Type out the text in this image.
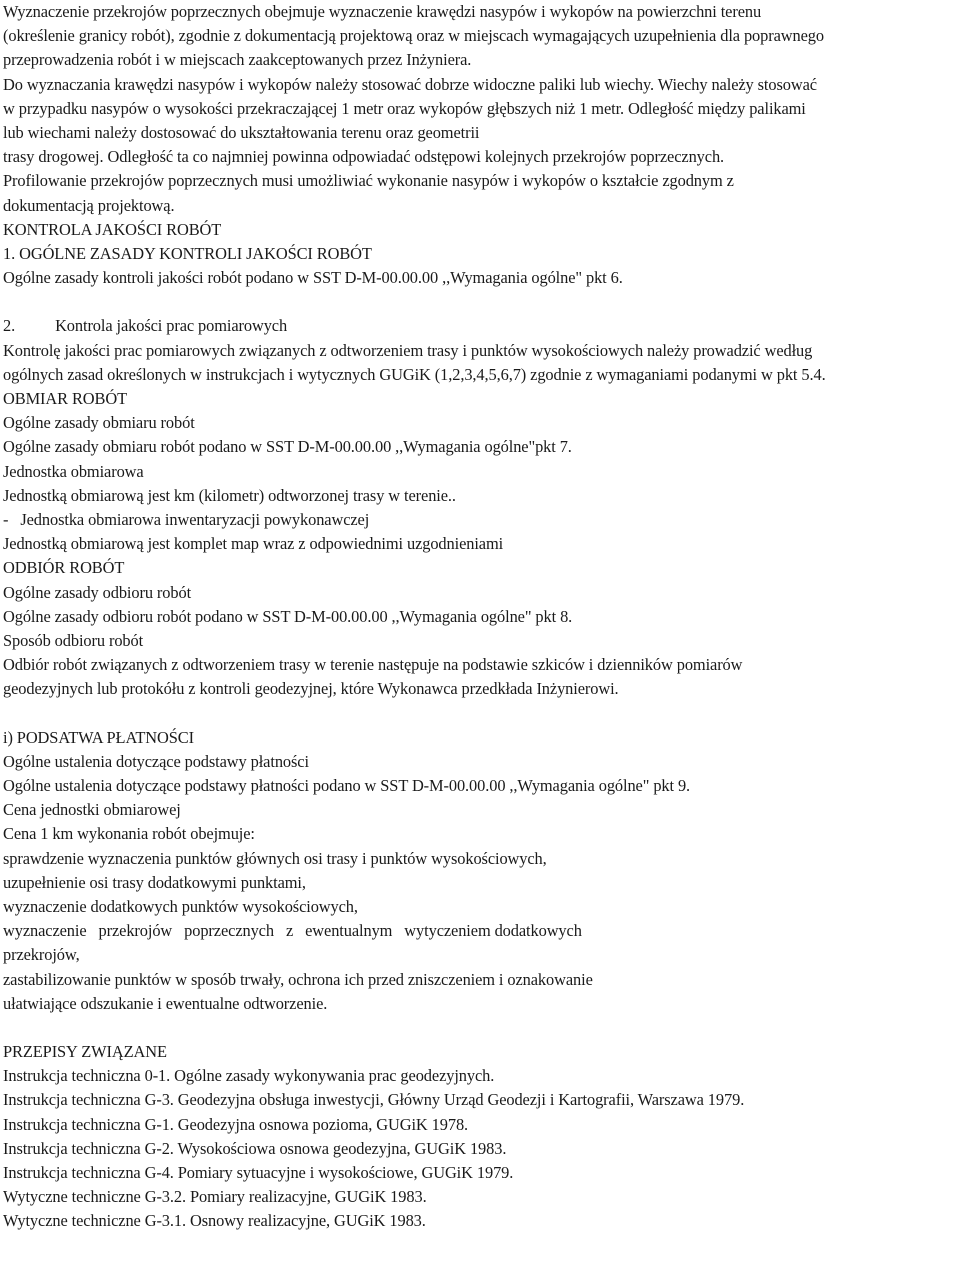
Wyznaczenie przekrojów poprzecznych obejmuje wyznaczenie krawędzi nasypów i wykopów na powierzchni terenu
(określenie granicy robót), zgodnie z dokumentacją projektową oraz w miejscach wymagających uzupełnienia dla poprawnego
przeprowadzenia robót i w miejscach zaakceptowanych przez Inżyniera.
Do wyznaczania krawędzi nasypów i wykopów należy stosować dobrze widoczne paliki lub wiechy. Wiechy należy stosować
w przypadku nasypów o wysokości przekraczającej 1 metr oraz wykopów głębszych niż 1 metr. Odległość między palikami
lub wiechami należy dostosować do ukształtowania terenu oraz geometrii
trasy drogowej. Odległość ta co najmniej powinna odpowiadać odstępowi kolejnych przekrojów poprzecznych.
Profilowanie przekrojów poprzecznych musi umożliwiać wykonanie nasypów i wykopów o kształcie zgodnym z
dokumentacją projektową.
KONTROLA JAKOŚCI ROBÓT
1. OGÓLNE ZASADY KONTROLI JAKOŚCI ROBÓT
Ogólne zasady kontroli jakości robót podano w SST D-M-00.00.00 ,,Wymagania ogólne" pkt 6.
2.          Kontrola jakości prac pomiarowych
Kontrolę jakości prac pomiarowych związanych z odtworzeniem trasy i punktów wysokościowych należy prowadzić według
ogólnych zasad określonych w instrukcjach i wytycznych GUGiK (1,2,3,4,5,6,7) zgodnie z wymaganiami podanymi w pkt 5.4.
OBMIAR ROBÓT
Ogólne zasady obmiaru robót
Ogólne zasady obmiaru robót podano w SST D-M-00.00.00 ,,Wymagania ogólne"pkt 7.
Jednostka obmiarowa
Jednostką obmiarową jest km (kilometr) odtworzonej trasy w terenie..
-   Jednostka obmiarowa inwentaryzacji powykonawczej
Jednostką obmiarową jest komplet map wraz z odpowiednimi uzgodnieniami
ODBIÓR ROBÓT
Ogólne zasady odbioru robót
Ogólne zasady odbioru robót podano w SST D-M-00.00.00 ,,Wymagania ogólne" pkt 8.
Sposób odbioru robót
Odbiór robót związanych z odtworzeniem trasy w terenie następuje na podstawie szkiców i dzienników pomiarów
geodezyjnych lub protokółu z kontroli geodezyjnej, które Wykonawca przedkłada Inżynierowi.
i) PODSATWA PŁATNOŚCI
Ogólne ustalenia dotyczące podstawy płatności
Ogólne ustalenia dotyczące podstawy płatności podano w SST D-M-00.00.00 ,,Wymagania ogólne" pkt 9.
Cena jednostki obmiarowej
Cena 1 km wykonania robót obejmuje:
sprawdzenie wyznaczenia punktów głównych osi trasy i punktów wysokościowych,
uzupełnienie osi trasy dodatkowymi punktami,
wyznaczenie dodatkowych punktów wysokościowych,
wyznaczenie   przekrojów   poprzecznych   z   ewentualnym   wytyczeniem dodatkowych
przekrojów,
zastabilizowanie punktów w sposób trwały, ochrona ich przed zniszczeniem i oznakowanie
ułatwiające odszukanie i ewentualne odtworzenie.
PRZEPISY ZWIĄZANE
Instrukcja techniczna 0-1. Ogólne zasady wykonywania prac geodezyjnych.
Instrukcja techniczna G-3. Geodezyjna obsługa inwestycji, Główny Urząd Geodezji i Kartografii, Warszawa 1979.
Instrukcja techniczna G-1. Geodezyjna osnowa pozioma, GUGiK 1978.
Instrukcja techniczna G-2. Wysokościowa osnowa geodezyjna, GUGiK 1983.
Instrukcja techniczna G-4. Pomiary sytuacyjne i wysokościowe, GUGiK 1979.
Wytyczne techniczne G-3.2. Pomiary realizacyjne, GUGiK 1983.
Wytyczne techniczne G-3.1. Osnowy realizacyjne, GUGiK 1983.
